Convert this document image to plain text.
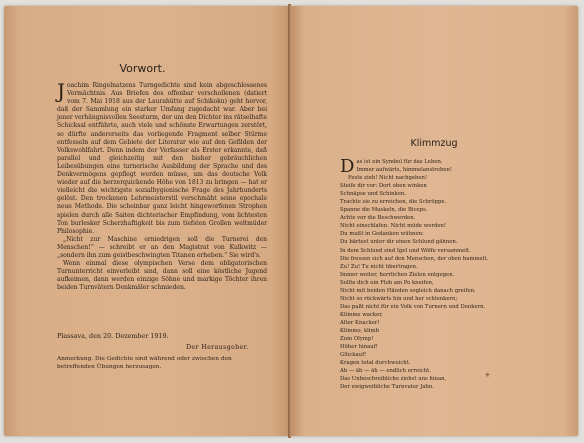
Vorwort.

Joachim Ringelnatzens Turngedichte sind kein abgeschlossenes Vermächtnis. Aus Briefen des offenbar verschollenen (datiert vom 7. Mai 1918 aus der Laurahütte auf Schikoku) geht hervor, daß der Sammlung ein starker Umfang zugedacht war. Aber bei jener verhängnisvollen Seesturm, der um den Dichter ins rätselhafte Schicksal entführte, auch viele und schönste Erwartungen zerstört, so dürfte andererseits das vorliegende Fragment selber Stürme entfesseln auf dem Gebiete der Literatur wie auf den Gefilden der Volkswohlfahrt. Denn indem der Verfasser als Erster erkannte, daß parallel und gleichzeitig mit den bisher gebräuchlichen Leibesübungen eine turnerische Ausbildung der Sprache und des Denkvermögens gepflegt werden müsse, um das deutsche Volk wieder auf die herzerquickende Höhe von 1813 zu bringen — hat er vielleicht die wichtigste sozialhygienische Frage des Jahrhunderts gelöst. Den trockenen Lehrmeisterstil verschmäht seine epochale neue Methode. Die scheinbar ganz leicht hingeworfenen Strophen spielen durch alle Saiten dichterischer Empfindung, vom lichtesten Ton burlesker Scherzhaftigkeit bis zum tiefsten Grollen weltmüder Philosophie.

„Nicht zur Maschine erniedrigen soll die Turnerei den Menschen!“ — schreibt er an den Magistrat von Kulkwitz — „sondern ihn zum geistbeschwingten Titanen erheben.“ Sie wird's.

Wenn einmal diese olympischen Verse dem obligatorischen Turnunterricht einverleibt sind, dann soll eine köstliche Jugend aufkeimen, dann werden einzige Söhne und markige Töchter ihren beiden Turnvätern Denkmäler schmieden.

Plassava, den 20. Dezember 1919.
Der Herausgeber.
Anmerkung. Die Gedichte sind während oder zwischen den betreffenden Übungen herzusagen.
Klimmzug
D as ist ein Symbol für das Leben.
Immer aufwärts, himmelanstreben!
Feste zieh! Nicht nachgeben!
Steife dir vor: Dort oben winken
Schnäpse und Schinken.
Trachte sie zu erreichen, die Schröppe.
Spanne die Muskeln, die Biceps.
Achte vor die Beschwerden.
Nicht einschlafen. Nicht müde werden!
Du mußt in Gedanken wühnen:
Du bärtest unter dir einen Schlund gähnen.
In dem Schlund sind Igel und Wölfe versammelt.
Die fressen sich auf den Menschen, der oben bammelt.
Zu! Zu! Tu nicht übertragen.
Immer weiter, herrlichen Zielen entgegen.
Sollte dich ein Floh am Po kneifen,
Nicht mit beiden Händen sogleich danach greifen.
Nicht so rückwärts hin und her schlenkern;
Das paßt nicht für ein Volk von Turnern und Denkern.
Klimme wacker,
Alter Knacker!
Klimmo, klimb
Zum Olymp!
Höher hinauf!
Glückauf!
Kragen total durchweicht.
Ah — äh — äh — endlich erreicht.
Das Unbeschreibliche ziehst uns hinan,
Der ewigweibliche Turnvater Jahn.
✳
